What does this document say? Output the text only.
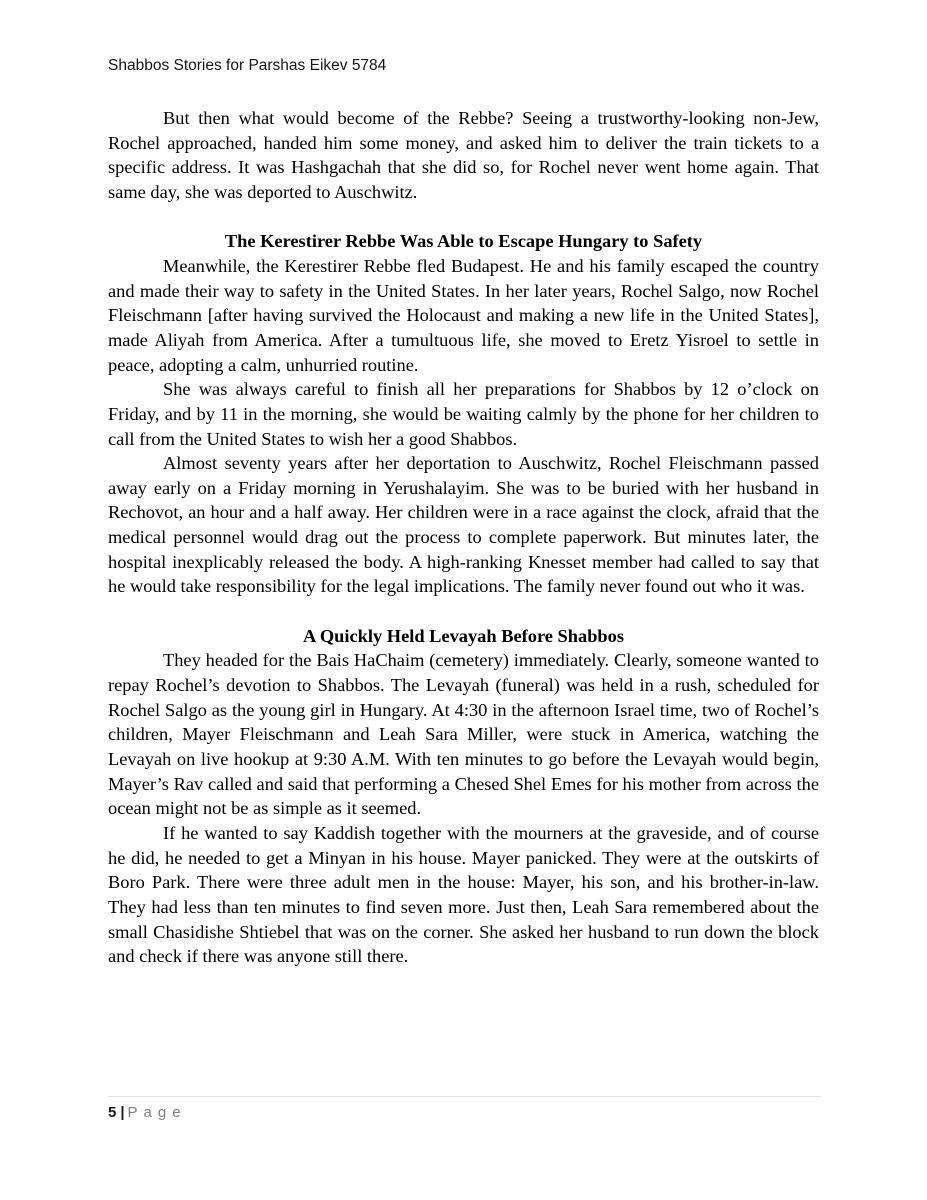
Shabbos Stories for Parshas Eikev 5784

But then what would become of the Rebbe? Seeing a trustworthy-looking non-Jew, Rochel approached, handed him some money, and asked him to deliver the train tickets to a specific address. It was Hashgachah that she did so, for Rochel never went home again. That same day, she was deported to Auschwitz.

The Kerestirer Rebbe Was Able to Escape Hungary to Safety

Meanwhile, the Kerestirer Rebbe fled Budapest. He and his family escaped the country and made their way to safety in the United States. In her later years, Rochel Salgo, now Rochel Fleischmann [after having survived the Holocaust and making a new life in the United States], made Aliyah from America. After a tumultuous life, she moved to Eretz Yisroel to settle in peace, adopting a calm, unhurried routine.

She was always careful to finish all her preparations for Shabbos by 12 o’clock on Friday, and by 11 in the morning, she would be waiting calmly by the phone for her children to call from the United States to wish her a good Shabbos.

Almost seventy years after her deportation to Auschwitz, Rochel Fleischmann passed away early on a Friday morning in Yerushalayim. She was to be buried with her husband in Rechovot, an hour and a half away. Her children were in a race against the clock, afraid that the medical personnel would drag out the process to complete paperwork. But minutes later, the hospital inexplicably released the body. A high-ranking Knesset member had called to say that he would take responsibility for the legal implications. The family never found out who it was.

A Quickly Held Levayah Before Shabbos

They headed for the Bais HaChaim (cemetery) immediately. Clearly, someone wanted to repay Rochel’s devotion to Shabbos. The Levayah (funeral) was held in a rush, scheduled for Rochel Salgo as the young girl in Hungary. At 4:30 in the afternoon Israel time, two of Rochel’s children, Mayer Fleischmann and Leah Sara Miller, were stuck in America, watching the Levayah on live hookup at 9:30 A.M. With ten minutes to go before the Levayah would begin, Mayer’s Rav called and said that performing a Chesed Shel Emes for his mother from across the ocean might not be as simple as it seemed.

If he wanted to say Kaddish together with the mourners at the graveside, and of course he did, he needed to get a Minyan in his house. Mayer panicked. They were at the outskirts of Boro Park. There were three adult men in the house: Mayer, his son, and his brother-in-law. They had less than ten minutes to find seven more. Just then, Leah Sara remembered about the small Chasidishe Shtiebel that was on the corner. She asked her husband to run down the block and check if there was anyone still there.

5 | Page
